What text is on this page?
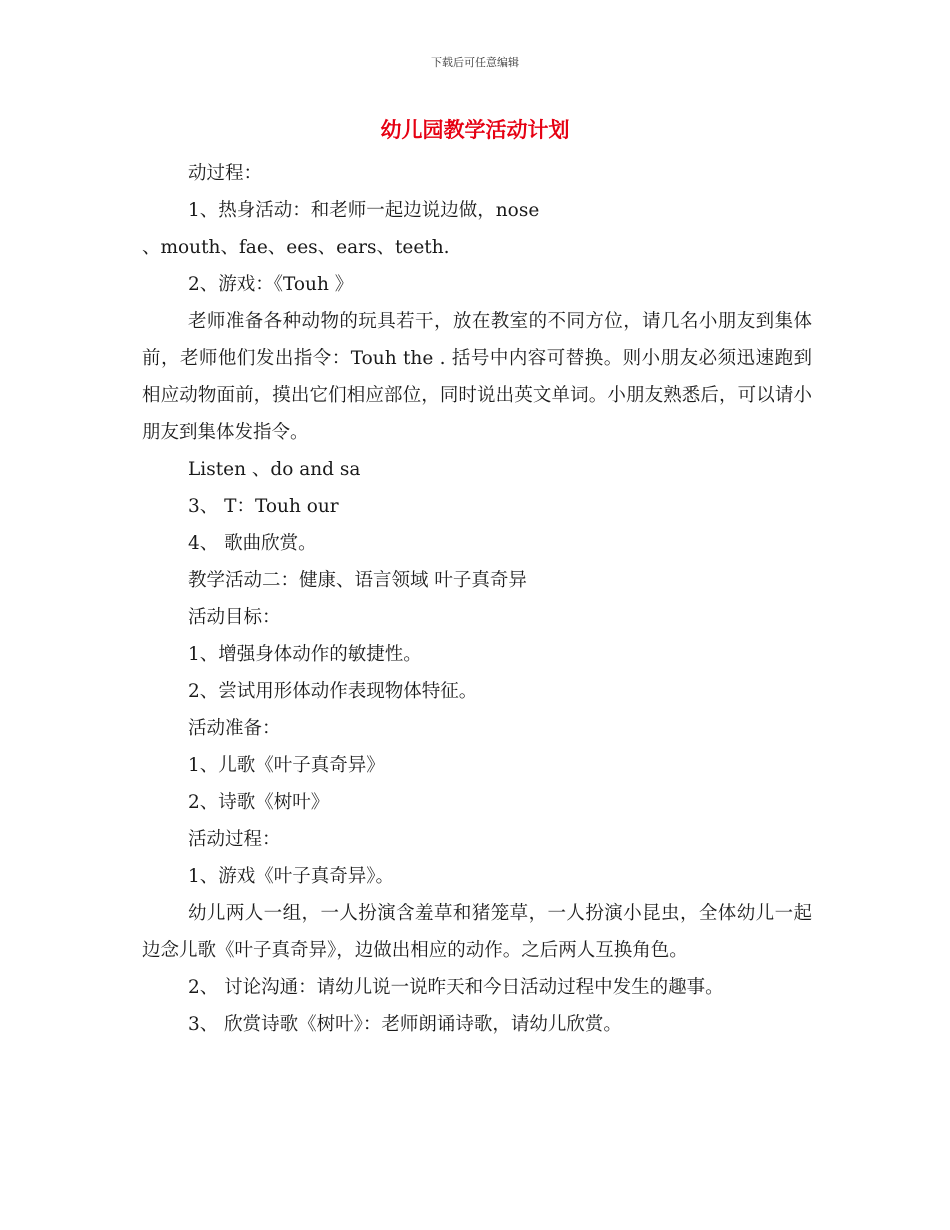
下载后可任意编辑
幼儿园教学活动计划

动过程：

1、热身活动：和老师一起边说边做，nose

、mouth、fae、ees、ears、teeth.

2、游戏：《Touh 》

老师准备各种动物的玩具若干，放在教室的不同方位，请几名小朋友到集体前，老师他们发出指令：Touh the . 括号中内容可替换。则小朋友必须迅速跑到相应动物面前，摸出它们相应部位，同时说出英文单词。小朋友熟悉后，可以请小朋友到集体发指令。

Listen 、do and sa

3、 T：Touh our

4、 歌曲欣赏。

教学活动二：健康、语言领域 叶子真奇异

活动目标：

1、增强身体动作的敏捷性。

2、尝试用形体动作表现物体特征。

活动准备：

1、儿歌《叶子真奇异》

2、诗歌《树叶》

活动过程：

1、游戏《叶子真奇异》。

幼儿两人一组，一人扮演含羞草和猪笼草，一人扮演小昆虫，全体幼儿一起边念儿歌《叶子真奇异》，边做出相应的动作。之后两人互换角色。

2、 讨论沟通：请幼儿说一说昨天和今日活动过程中发生的趣事。

3、 欣赏诗歌《树叶》：老师朗诵诗歌，请幼儿欣赏。
